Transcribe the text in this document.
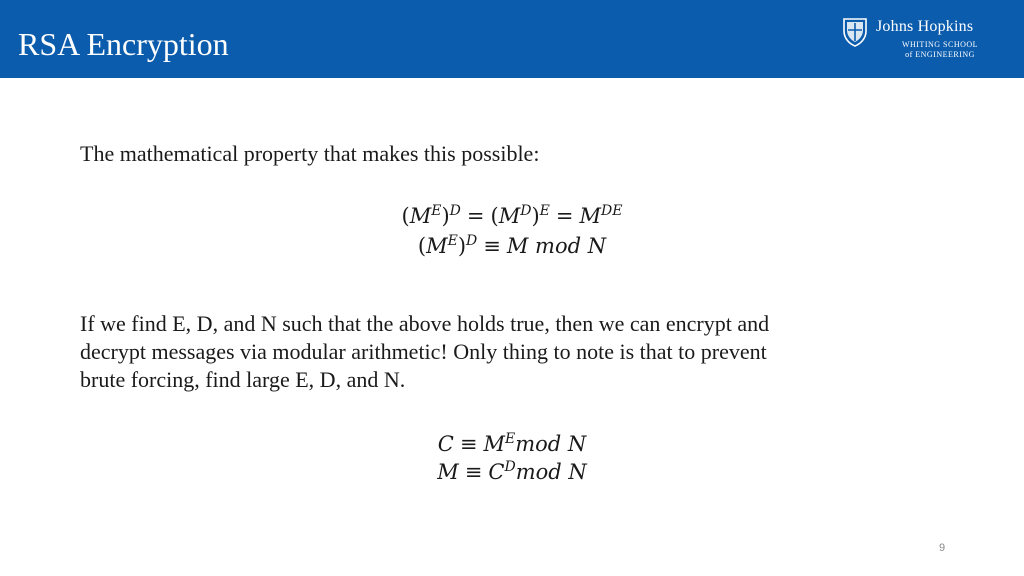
RSA Encryption	Johns Hopkins
WHITING SCHOOL
of ENGINEERING
The mathematical property that makes this possible:
$(M^E)^D = (M^D)^E = MDE$
$(M^E)^D \equiv M$ mod N
If we find E, D, and N such that the above holds true, then we can encrypt and
decrypt messages via modular arithmetic! Only thing to note is that to prevent
brute forcing, find large E, D, and N.
$C \equiv M^Emod$ N
$M \equiv C^Dmod$ N
9
